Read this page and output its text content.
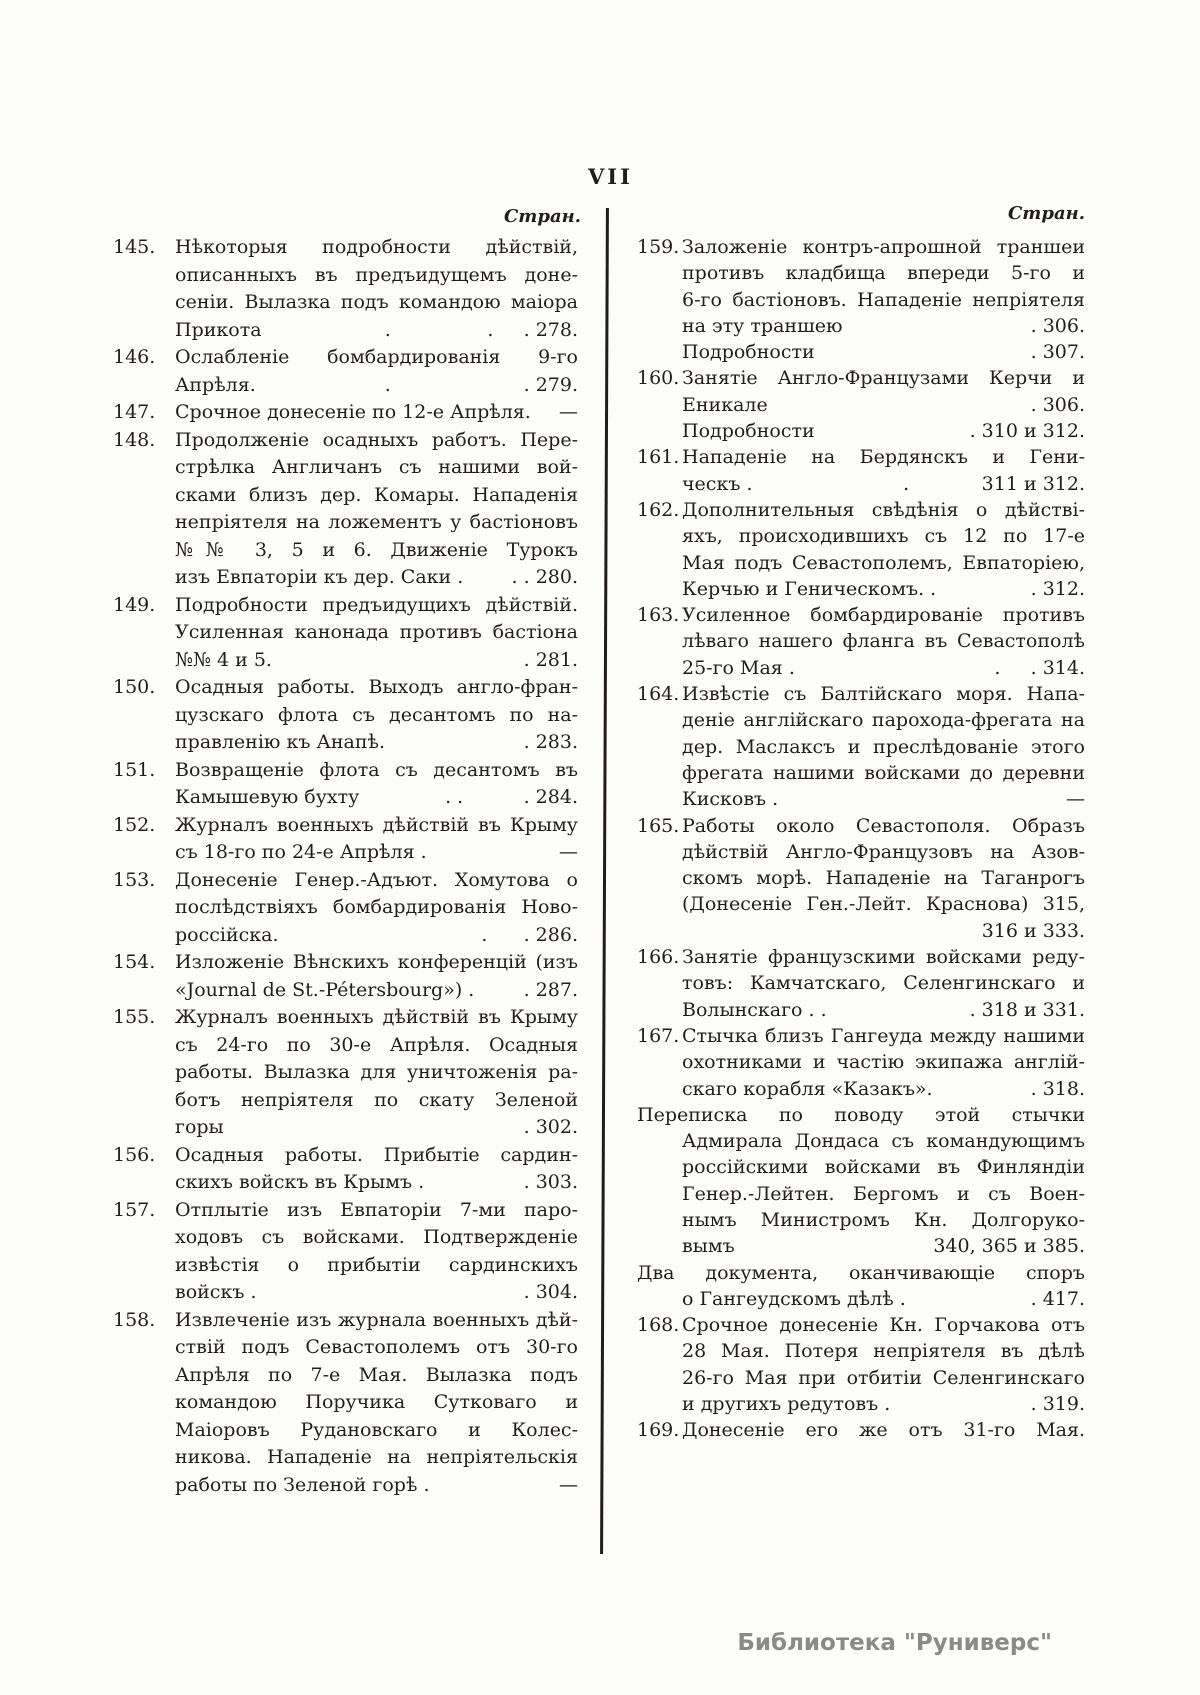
VII
Стран.	Стран.
145.	Нѣкоторыя подробности дѣйствій,
описанныхъ въ предъидущемъ доне-
сеніи. Вылазка подъ командою маіора
Прикота	.                .     . 278.
146.	Ослабленіе бомбардированія 9-го
Апрѣля.	.                      . 279.
147.	Срочное донесеніе по 12-е Апрѣля. —
148.	Продолженіе осадныхъ работъ. Пере-
стрѣлка Англичанъ съ нашими вой-
сками близъ дер. Комары. Нападенія
непріятеля на ложементъ у бастіоновъ
№№ 3, 5 и 6. Движеніе Турокъ
изъ Евпаторіи къ дер. Саки .	. . 280.
149.	Подробности предъидущихъ дѣйствій.
Усиленная канонада противъ бастіона
№№ 4 и 5.	. 281.
150.	Осадныя работы. Выходъ англо-фран-
цузскаго флота съ десантомъ по на-
правленію къ Анапѣ.	. 283.
151.	Возвращеніе флота съ десантомъ въ
Камышевую бухту	. .          . 284.
152.	Журналъ военныхъ дѣйствій въ Крыму
съ 18-го по 24-е Апрѣля .	—
153.	Донесеніе Генер.-Адъют. Хомутова о
послѣдствіяхъ бомбардированія Ново-
россійска.	.      . 286.
154.	Изложеніе Вѣнскихъ конференцій (изъ
«Journal de St.-Pétersbourg») .	. 287.
155.	Журналъ военныхъ дѣйствій въ Крыму
съ 24-го по 30-е Апрѣля. Осадныя
работы. Вылазка для уничтоженія ра-
ботъ непріятеля по скату Зеленой
горы	. 302.
156.	Осадныя работы. Прибытіе сардин-
скихъ войскъ въ Крымъ .	. 303.
157.	Отплытіе изъ Евпаторіи 7-ми паро-
ходовъ съ войсками. Подтвержденіе
извѣстія о прибытіи сардинскихъ
войскъ .	. 304.
158.	Извлеченіе изъ журнала военныхъ дѣй-
ствій подъ Севастополемъ отъ 30-го
Апрѣля по 7-е Мая. Вылазка подъ
командою Поручика Сутковаго и
Маіоровъ Рудановскаго и Колес-
никова. Нападеніе на непріятельскія
работы по Зеленой горѣ .	—
159. Заложеніе контръ-апрошной траншеи
противъ кладбища впереди 5-го и
6-го бастіоновъ. Нападеніе непріятеля
на эту траншею	. 306.
Подробности	. 307.
160. Занятіе Англо-Французами Керчи и
Еникале	. 306.
Подробности	. 310 и 312.
161. Нападеніе на Бердянскъ и Гени-
ческъ .	.            311 и 312.
162. Дополнительныя свѣдѣнія о дѣйстві-
яхъ, происходившихъ съ 12 по 17-е
Мая подъ Севастополемъ, Евпаторіею,
Керчью и Геническомъ. .	. 312.
163. Усиленное бомбардированіе противъ
лѣваго нашего фланга въ Севастополѣ
25-го Мая .	.     . 314.
164. Извѣстіе съ Балтійскаго моря. Напа-
деніе англійскаго парохода-фрегата на
дер. Маслаксъ и преслѣдованіе этого
фрегата нашими войсками до деревни
Кисковъ .	—
165. Работы около Севастополя. Образъ
дѣйствій Англо-Французовъ на Азов-
скомъ морѣ. Нападеніе на Таганрогъ
(Донесеніе Ген.-Лейт. Краснова) 315,
316 и 333.
166. Занятіе французскими войсками реду-
товъ: Камчатскаго, Селенгинскаго и
Волынскаго . .	. 318 и 331.
167. Стычка близъ Гангеуда между нашими
охотниками и частію экипажа англій-
скаго корабля «Казакъ».	. 318.
Переписка по поводу этой стычки
Адмирала Дондаса съ командующимъ
россійскими войсками въ Финляндіи
Генер.-Лейтен. Бергомъ и съ Воен-
нымъ Министромъ Кн. Долгоруко-
вымъ	340, 365 и 385.
Два документа, оканчивающіе споръ
о Гангеудскомъ дѣлѣ .	. 417.
168. Срочное донесеніе Кн. Горчакова отъ
28 Мая. Потеря непріятеля въ дѣлѣ
26-го Мая при отбитіи Селенгинскаго
и другихъ редутовъ .	. 319.
169. Донесеніе его же отъ 31-го Мая.
Библиотека "Руниверс"
